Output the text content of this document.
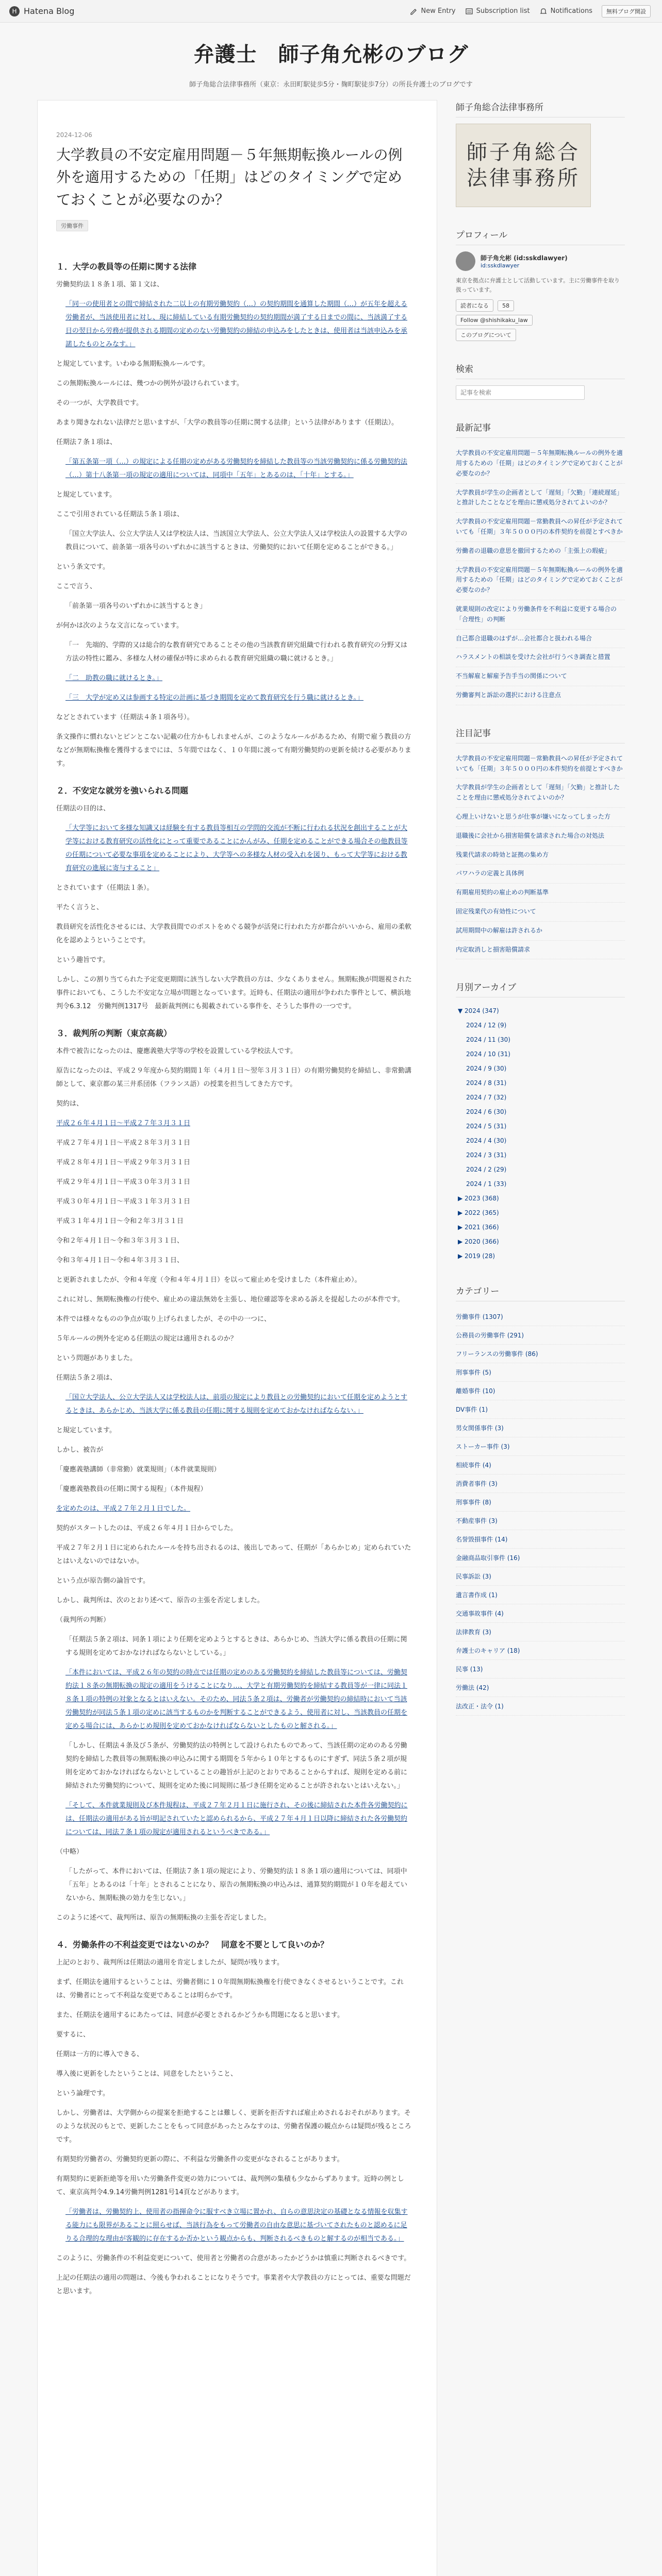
H Hatena Blog	New Entry	Subscription list	Notifications	無料ブログ開設
弁護士　師子角允彬のブログ
師子角総合法律事務所（東京：永田町駅徒歩5分・麹町駅徒歩7分）の所長弁護士のブログです
2024-12-06
大学教員の不安定雇用問題－５年無期転換ルールの例外を適用するための「任期」はどのタイミングで定めておくことが必要なのか？
労働事件
１．大学の教員等の任期に関する法律

労働契約法１８条１項、第１文は、

「同一の使用者との間で締結された二以上の有期労働契約（…）の契約期間を通算した期間（…）が五年を超える労働者が、当該使用者に対し、現に締結している有期労働契約の契約期間が満了する日までの間に、当該満了する日の翌日から労務が提供される期間の定めのない労働契約の締結の申込みをしたときは、使用者は当該申込みを承諾したものとみなす。」

と規定しています。いわゆる無期転換ルールです。

この無期転換ルールには、幾つかの例外が設けられています。

その一つが、大学教員です。

あまり聞きなれない法律だと思いますが、「大学の教員等の任期に関する法律」という法律があります（任期法）。

任期法７条１項は、

「第五条第一項（…）の規定による任期の定めがある労働契約を締結した教員等の当該労働契約に係る労働契約法（…）第十八条第一項の規定の適用については、同項中「五年」とあるのは、「十年」とする。」

と規定しています。

ここで引用されている任期法５条１項は、

「国立大学法人、公立大学法人又は学校法人は、当該国立大学法人、公立大学法人又は学校法人の設置する大学の教員について、前条第一項各号のいずれかに該当するときは、労働契約において任期を定めることができる。」

という条文です。

ここで言う、

「前条第一項各号のいずれかに該当するとき」

が何かは次のような文言になっています。

「一　先端的、学際的又は総合的な教育研究であることその他の当該教育研究組織で行われる教育研究の分野又は方法の特性に鑑み、多様な人材の確保が特に求められる教育研究組織の職に就けるとき。」

「二　助教の職に就けるとき。」

「三　大学が定め又は参画する特定の計画に基づき期間を定めて教育研究を行う職に就けるとき。」

などとされています（任期法４条１項各号）。

条文操作に慣れないとピンとこない記載の仕方かもしれませんが、このようなルールがあるため、有期で雇う教員の方などが無期転換権を獲得するまでには、５年間ではなく、１０年間に渡って有期労働契約の更新を続ける必要があります。

２．不安定な就労を強いられる問題

任期法の目的は、

「大学等において多様な知識又は経験を有する教員等相互の学問的交流が不断に行われる状況を創出することが大学等における教育研究の活性化にとって重要であることにかんがみ、任期を定めることができる場合その他教員等の任期について必要な事項を定めることにより、大学等への多様な人材の受入れを図り、もって大学等における教育研究の進展に寄与すること」

とされています（任期法１条）。

平たく言うと、

教員研究を活性化させるには、大学教員間でのポストをめぐる競争が活発に行われた方が都合がいいから、雇用の柔軟化を認めようということです。

という趣旨です。

しかし、この割り当てられた予定変更期間に該当しない大学教員の方は、少なくありません。無期転換が問題視された事件においても、こうした不安定な立場が問題となっています。近時も、任期法の適用が争われた事件として、横浜地判令6.3.12　労働判例1317号　最新裁判例にも掲載されている事件を、そうした事件の一つです。

３．裁判所の判断（東京高裁）

本件で被告になったのは、慶應義塾大学等の学校を設置している学校法人です。

原告になったのは、平成２９年度から契約期間１年（４月１日～翌年３月３１日）の有期労働契約を締結し、非常勤講師として、東京都の某三井系団体（フランス語）の授業を担当してきた方です。

契約は、

平成２６年４月１日～平成２７年３月３１日

平成２７年４月１日～平成２８年３月３１日

平成２８年４月１日～平成２９年３月３１日

平成２９年４月１日～平成３０年３月３１日

平成３０年４月１日～平成３１年３月３１日

平成３１年４月１日～令和２年３月３１日

令和２年４月１日～令和３年３月３１日、

令和３年４月１日～令和４年３月３１日、

と更新されましたが、令和４年度（令和４年４月１日）を以って雇止めを受けました（本件雇止め）。

これに対し、無期転換権の行使や、雇止めの違法無効を主張し、地位確認等を求める訴えを提起したのが本件です。

本件では様々なものの争点が取り上げられましたが、その中の一つに、

５年ルールの例外を定める任期法の規定は適用されるのか？

という問題がありました。

任期法５条２項は、

「国立大学法人、公立大学法人又は学校法人は、前項の規定により教員との労働契約において任期を定めようとするときは、あらかじめ、当該大学に係る教員の任期に関する規則を定めておかなければならない。」

と規定しています。

しかし、被告が

「慶應義塾講師（非常勤）就業規則」（本件就業規則）

「慶應義塾教員の任期に関する規程」（本件規程）

を定めたのは、平成２７年２月１日でした。

契約がスタートしたのは、平成２６年４月１日からでした。

平成２７年２月１日に定められたルールを持ち出されるのは、後出しであって、任期が「あらかじめ」定められていたとはいえないのではないか。

という点が原告側の論旨です。

しかし、裁判所は、次のとおり述べて、原告の主張を否定しました。

（裁判所の判断）

「任期法５条２項は、同条１項により任期を定めようとするときは、あらかじめ、当該大学に係る教員の任期に関する規則を定めておかなければならないとしている。」

「本件においては、平成２６年の契約の時点では任期の定めのある労働契約を締結した教員等については、労働契約法１８条の無期転換の規定の適用をうけることになり…、大学と有期労働契約を締結する教員等が一律に同法１８条１項の特例の対象となるとはいえない。そのため、同法５条２項は、労働者が労働契約の締結時において当該労働契約が同法５条１項の定めに該当するものかを判断することができるよう、使用者に対し、当該教員の任期を定める場合には、あらかじめ規則を定めておかなければならないとしたものと解される。」

「しかし、任期法４条及び５条が、労働契約法の特例として設けられたものであって、当該任期の定めのある労働契約を締結した教員等の無期転換の申込みに関する期間を５年から１０年とするものにすぎず、同法５条２項が規則を定めておかなければならないとしていることの趣旨が上記のとおりであることからすれば、規則を定める前に締結された労働契約について、規則を定めた後に同規則に基づき任期を定めることが許されないとはいえない。」

「そして、本件就業規則及び本件規程は、平成２７年２月１日に施行され、その後に締結された本件各労働契約には、任期法の適用がある旨が明記されていたと認められるから、平成２７年４月１日以降に締結された各労働契約については、同法７条１項の規定が適用されるというべきである。」

（中略）

「したがって、本件においては、任期法７条１項の規定により、労働契約法１８条１項の適用については、同項中「五年」とあるのは「十年」とされることになり、原告の無期転換の申込みは、通算契約期間が１０年を超えていないから、無期転換の効力を生じない。」

このように述べて、裁判所は、原告の無期転換の主張を否定しました。

４．労働条件の不利益変更ではないのか？　同意を不要として良いのか？

上記のとおり、裁判所は任期法の適用を肯定しましたが、疑問が残ります。

まず、任期法を適用するということは、労働者側に１０年間無期転換権を行使できなくさせるということです。これは、労働者にとって不利益な変更であることは明らかです。

また、任期法を適用するにあたっては、同意が必要とされるかどうかも問題になると思います。

要するに、

任期は一方的に導入できる、

導入後に更新をしたということは、同意をしたということ、

という論理です。

しかし、労働者は、大学側からの提案を拒絶することは難しく、更新を拒否すれば雇止めされるおそれがあります。そのような状況のもとで、更新したことをもって同意があったとみなすのは、労働者保護の観点からは疑問が残るところです。

有期契約労働者の、労働契約更新の際に、不利益な労働条件の変更がなされることがあります。

有期契約に更新拒絶等を用いた労働条件変更の効力については、裁判例の集積も少なからずあります。近時の例として、東京高判令4.9.14労働判例1281号14頁などがあります。

「労働者は、労働契約上、使用者の指揮命令に服すべき立場に置かれ、自らの意思決定の基礎となる情報を収集する能力にも限界があることに照らせば、当該行為をもって労働者の自由な意思に基づいてされたものと認めるに足りる合理的な理由が客観的に存在するか否かという観点からも、判断されるべきものと解するのが相当である。」

このように、労働条件の不利益変更について、使用者と労働者の合意があったかどうかは慎重に判断されるべきです。

上記の任期法の適用の問題は、今後も争われることになりそうです。事業者や大学教員の方にとっては、重要な問題だと思います。

師子角総合法律事務所
師子角総合法律事務所
プロフィール
師子角允彬 (id:sskdlawyer)
id:sskdlawyer
東京を拠点に弁護士として活動しています。主に労働事件を取り扱っています。
読者になる 58
Follow @shishikaku_law
このブログについて
検索
記事を検索
最新記事
大学教員の不安定雇用問題－５年無期転換ルールの例外を適用するための「任期」はどのタイミングで定めておくことが必要なのか？
大学教員が学生の企画者として「遅刻」「欠勤」「連続遅延」と推計したことなどを理由に懲戒処分されてよいのか？
大学教員の不安定雇用問題－常勤教員への昇任が予定されていても「任期」３年５０００円の本件契約を前提とすべきか
労働者の退職の意思を撤回するための「主張上の瑕疵」
大学教員の不安定雇用問題－５年無期転換ルールの例外を適用するための「任期」はどのタイミングで定めておくことが必要なのか？
就業規則の改定により労働条件を不利益に変更する場合の「合理性」の判断
自己都合退職のはずが…会社都合と扱われる場合
ハラスメントの相談を受けた会社が行うべき調査と措置
不当解雇と解雇予告手当の関係について
労働審判と訴訟の選択における注意点
注目記事
大学教員の不安定雇用問題－常勤教員への昇任が予定されていても「任期」３年５０００円の本件契約を前提とすべきか
大学教員が学生の企画者として「遅刻」「欠勤」と推計したことを理由に懲戒処分されてよいのか？
心理上いけないと思うが仕事が嫌いになってしまった方
退職後に会社から損害賠償を請求された場合の対処法
残業代請求の時効と証拠の集め方
パワハラの定義と具体例
有期雇用契約の雇止めの判断基準
固定残業代の有効性について
試用期間中の解雇は許されるか
内定取消しと損害賠償請求
月別アーカイブ
▼ 2024 (347)
2024 / 12 (9)
2024 / 11 (30)
2024 / 10 (31)
2024 / 9 (30)
2024 / 8 (31)
2024 / 7 (32)
2024 / 6 (30)
2024 / 5 (31)
2024 / 4 (30)
2024 / 3 (31)
2024 / 2 (29)
2024 / 1 (33)
▶ 2023 (368)
▶ 2022 (365)
▶ 2021 (366)
▶ 2020 (366)
▶ 2019 (28)
カテゴリー
労働事件 (1307)
公務員の労働事件 (291)
フリーランスの労働事件 (86)
刑事事件 (5)
離婚事件 (10)
DV事件 (1)
男女関係事件 (3)
ストーカー事件 (3)
相続事件 (4)
消費者事件 (3)
刑事事件 (8)
不動産事件 (3)
名誉毀損事件 (14)
金融商品取引事件 (16)
民事訴訟 (3)
遺言書作成 (1)
交通事故事件 (4)
法律教育 (3)
弁護士のキャリア (18)
民事 (13)
労働法 (42)
法改正・法令 (1)
